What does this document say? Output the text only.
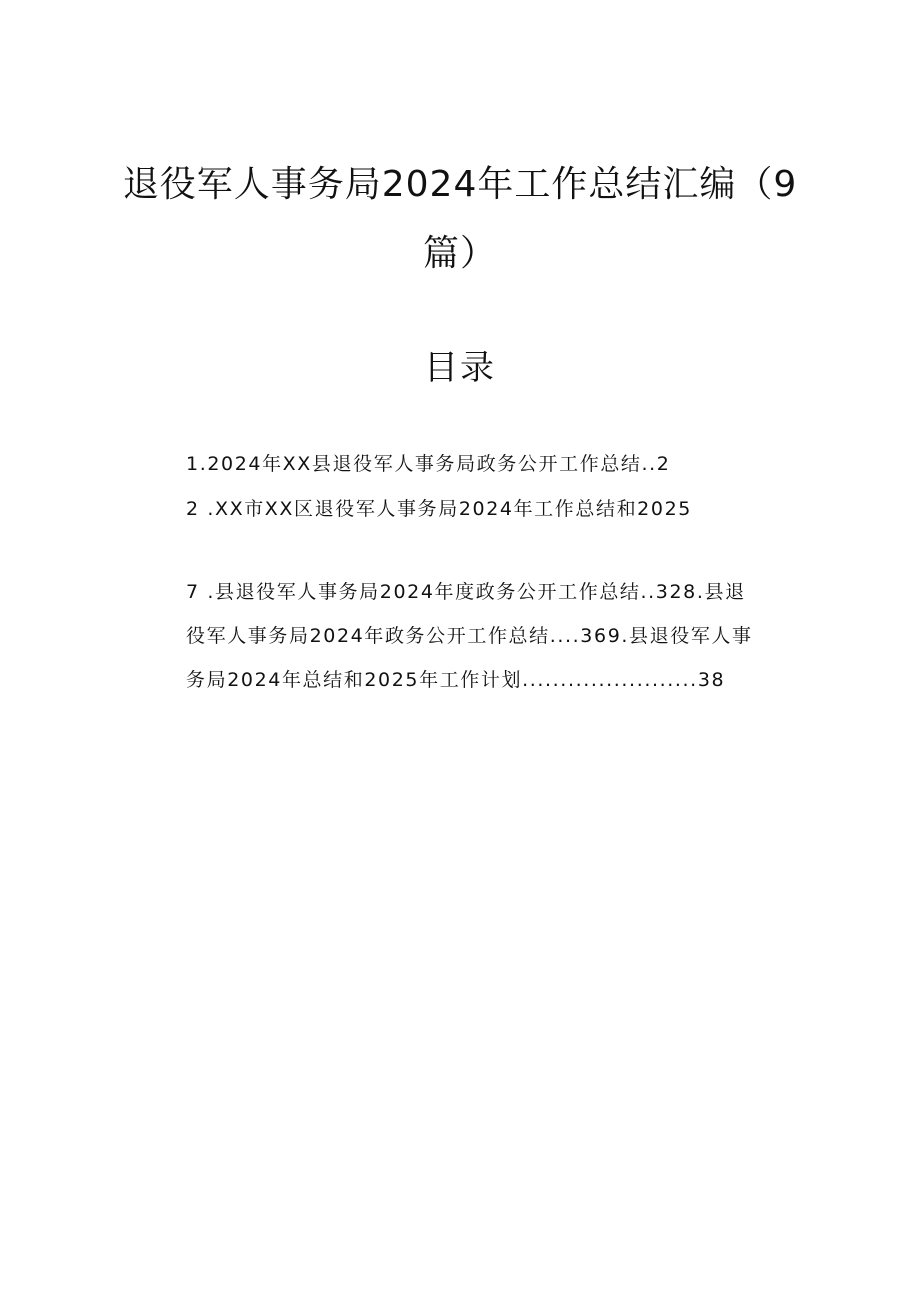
退役军人事务局2024年工作总结汇编（9
篇）
目录
1.2024年XX县退役军人事务局政务公开工作总结..2
2 .XX市XX区退役军人事务局2024年工作总结和2025
7 .县退役军人事务局2024年度政务公开工作总结..328.县退
役军人事务局2024年政务公开工作总结....369.县退役军人事
务局2024年总结和2025年工作计划.......................38
